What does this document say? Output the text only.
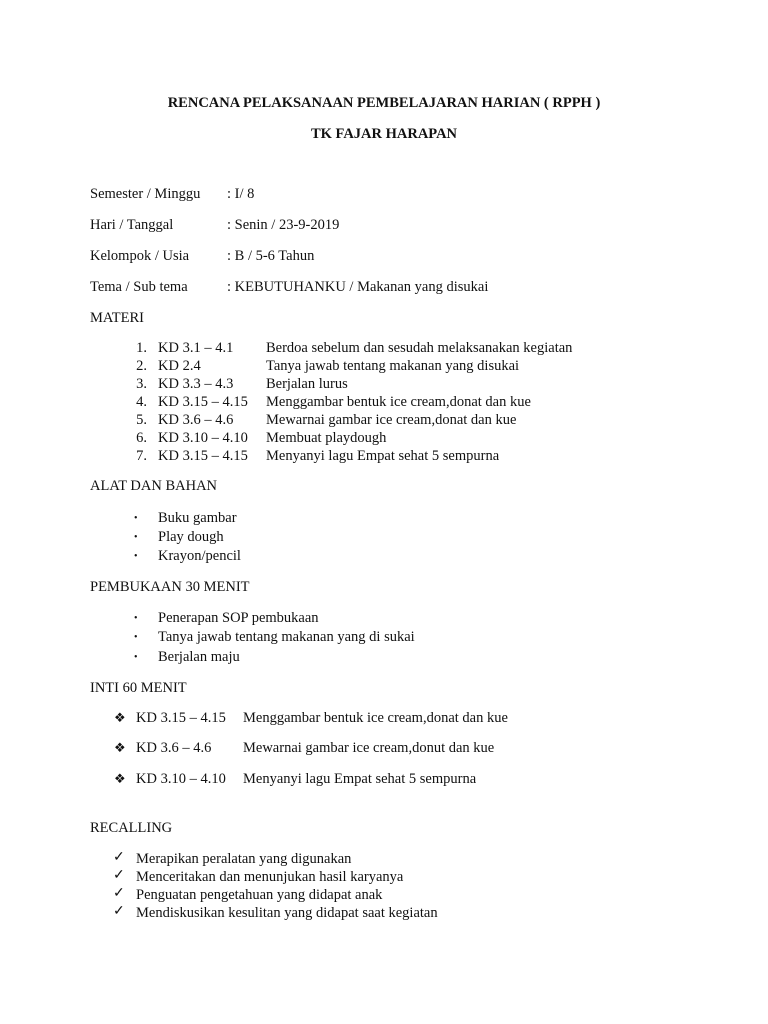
RENCANA PELAKSANAAN PEMBELAJARAN HARIAN ( RPPH )
TK FAJAR HARAPAN
Semester / Minggu : I/ 8
Hari / Tanggal	: Senin / 23-9-2019
Kelompok / Usia	: B / 5-6 Tahun
Tema / Sub tema	: KEBUTUHANKU / Makanan yang disukai
MATERI
1. KD 3.1 – 4.1 Berdoa sebelum dan sesudah melaksanakan kegiatan
2. KD 2.4	Tanya jawab tentang makanan yang disukai
3. KD 3.3 – 4.3 Berjalan lurus
4. KD 3.15 – 4.15 Menggambar bentuk ice cream,donat dan kue
5. KD 3.6 – 4.6 Mewarnai gambar ice cream,donat dan kue
6. KD 3.10 – 4.10 Membuat playdough
7. KD 3.15 – 4.15 Menyanyi lagu Empat sehat 5 sempurna
ALAT DAN BAHAN
• Buku gambar
• Play dough
• Krayon/pencil
PEMBUKAAN 30 MENIT
• Penerapan SOP pembukaan
• Tanya jawab tentang makanan yang di sukai
• Berjalan maju
INTI 60 MENIT
❖ KD 3.15 – 4.15 Menggambar bentuk ice cream,donat dan kue
❖ KD 3.6 – 4.6 Mewarnai gambar ice cream,donut dan kue
❖ KD 3.10 – 4.10 Menyanyi lagu Empat sehat 5 sempurna
RECALLING
✓ Merapikan peralatan yang digunakan
✓ Menceritakan dan menunjukan hasil karyanya
✓ Penguatan pengetahuan yang didapat anak
✓ Mendiskusikan kesulitan yang didapat saat kegiatan
